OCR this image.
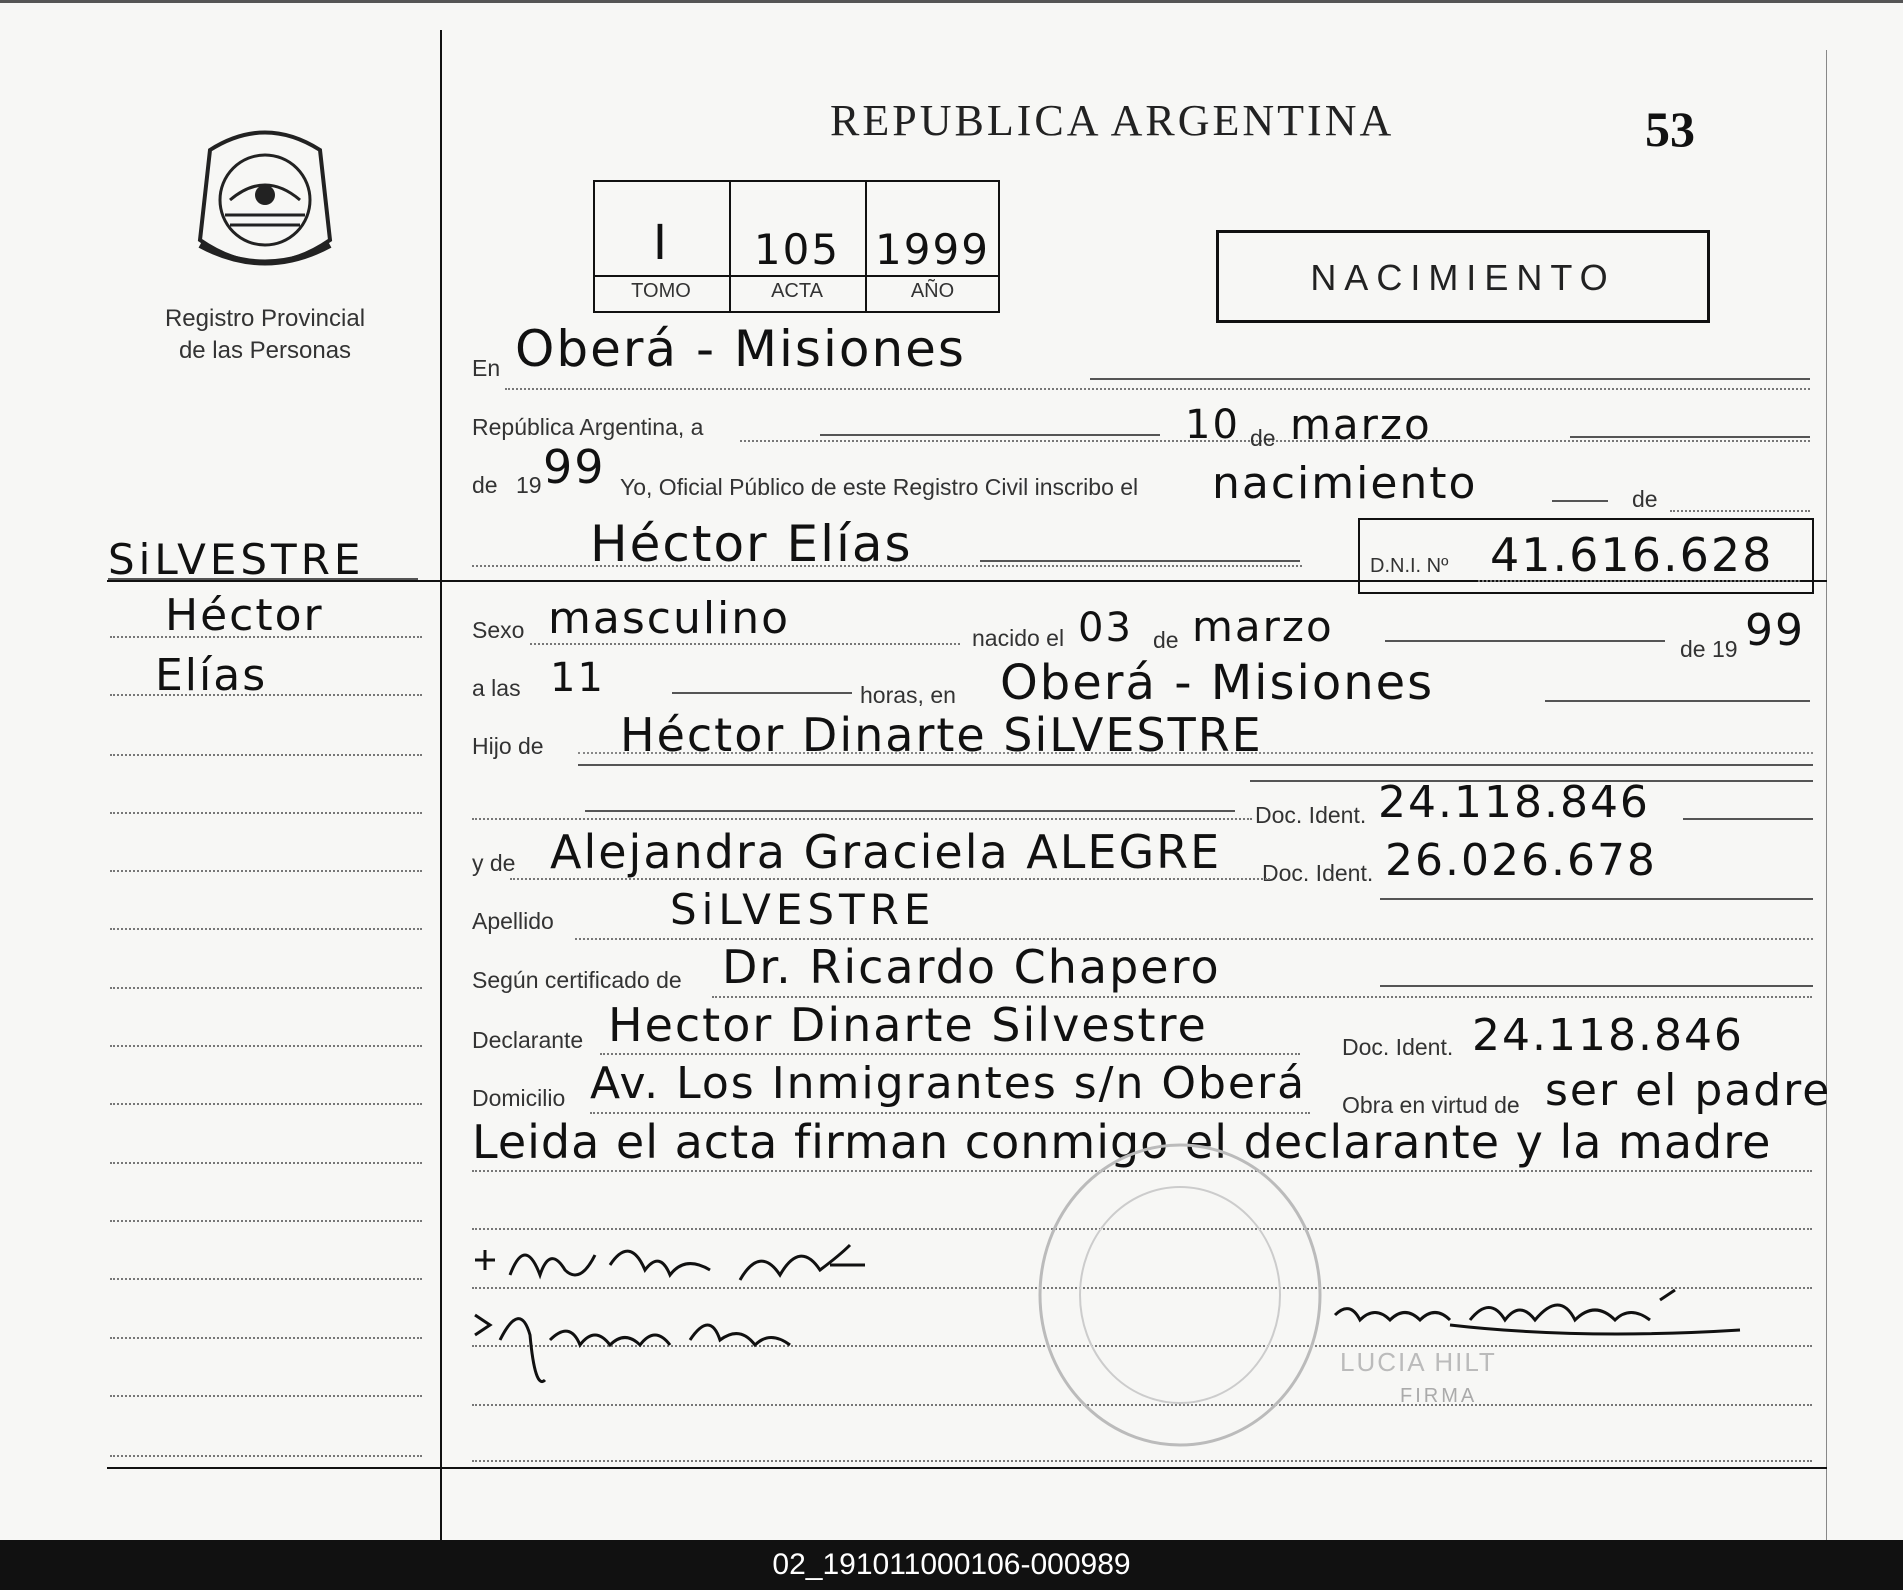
Registro Provincial
de las Personas
REPUBLICA ARGENTINA	53
I	105 1999
TOMO	ACTA	AÑO	NACIMIENTO
SiLVESTRE
Héctor
Elías
En Oberá - Misiones
República Argentina, a	10 de marzo
de 19 99 Yo, Oficial Público de este Registro Civil inscribo el nacimiento	de
Héctor Elías	D.N.I. Nº 41.616.628
Sexo masculino	nacido el 03 de marzo	de 19 99
a las 11	horas, en Oberá - Misiones
Hijo de Héctor Dinarte SiLVESTRE
Doc. Ident. 24.118.846
y de Alejandra Graciela ALEGRE Doc. Ident. 26.026.678
Apellido	SiLVESTRE
Según certificado de Dr. Ricardo Chapero
Declarante Hector Dinarte Silvestre	Doc. Ident. 24.118.846
Domicilio Av. Los Inmigrantes s/n Oberá Obra en virtud de ser el padre
Leida el acta firman conmigo el declarante y la madre
LUCIA HILT
FIRMA
02_191011000106-000989
